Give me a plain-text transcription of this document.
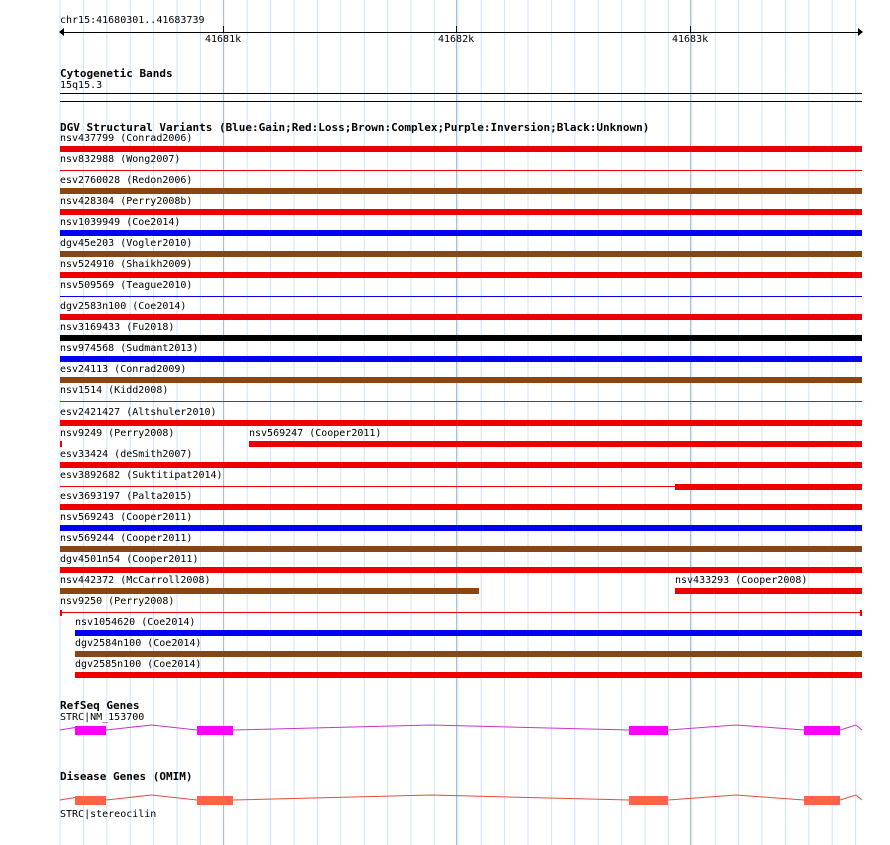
chr15:41680301..41683739
41681k	41682k	41683k
Cytogenetic Bands
15q15.3
DGV Structural Variants (Blue:Gain;Red:Loss;Brown:Complex;Purple:Inversion;Black:Unknown)
nsv437799 (Conrad2006)
nsv832988 (Wong2007)
esv2760028 (Redon2006)
nsv428304 (Perry2008b)
nsv1039949 (Coe2014)
dgv45e203 (Vogler2010)
nsv524910 (Shaikh2009)
nsv509569 (Teague2010)
dgv2583n100 (Coe2014)
nsv3169433 (Fu2018)
nsv974568 (Sudmant2013)
esv24113 (Conrad2009)
nsv1514 (Kidd2008)
esv2421427 (Altshuler2010)
nsv9249 (Perry2008)	nsv569247 (Cooper2011)
esv33424 (deSmith2007)
esv3892682 (Suktitipat2014)
esv3693197 (Palta2015)
nsv569243 (Cooper2011)
nsv569244 (Cooper2011)
dgv4501n54 (Cooper2011)
nsv442372 (McCarroll2008)	nsv433293 (Cooper2008)
nsv9250 (Perry2008)
nsv1054620 (Coe2014)
dgv2584n100 (Coe2014)
dgv2585n100 (Coe2014)
RefSeq Genes
STRC|NM_153700
Disease Genes (OMIM)
STRC|stereocilin
